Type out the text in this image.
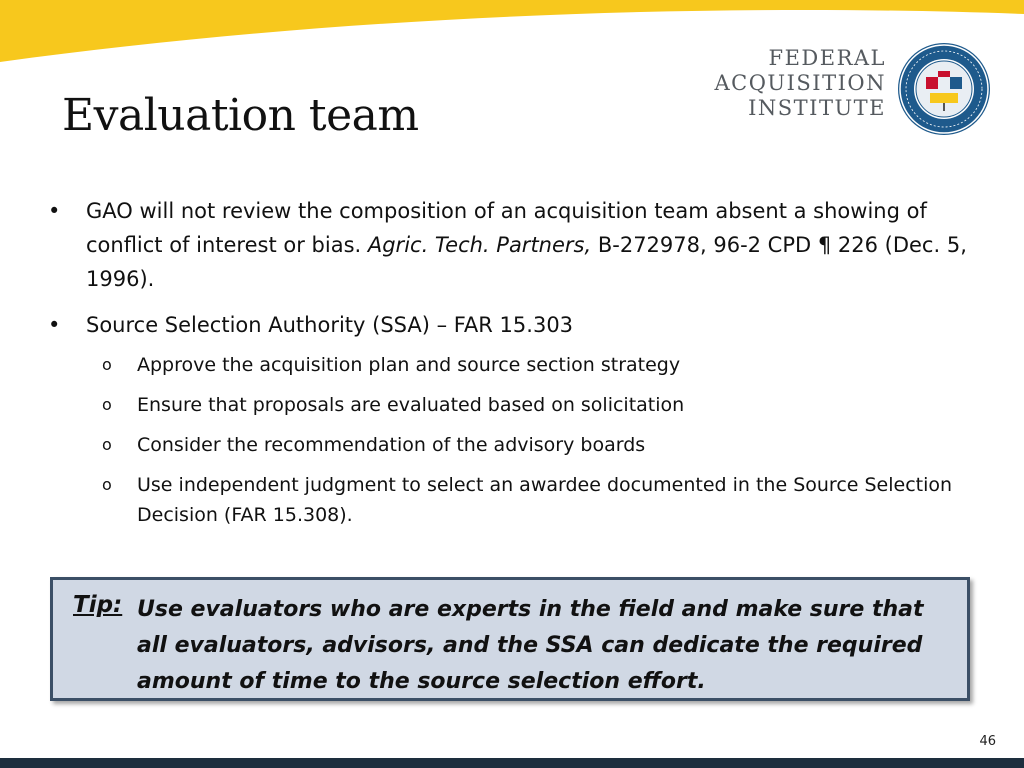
Evaluation team
FEDERAL
ACQUISITION
INSTITUTE
• GAO will not review the composition of an acquisition team absent a showing of conflict of interest or bias. Agric. Tech. Partners, B-272978, 96-2 CPD ¶ 226 (Dec. 5, 1996).
• Source Selection Authority (SSA) – FAR 15.303
o Approve the acquisition plan and source section strategy
o Ensure that proposals are evaluated based on solicitation
o Consider the recommendation of the advisory boards
o Use independent judgment to select an awardee documented in the Source Selection Decision (FAR 15.308).
Tip: Use evaluators who are experts in the field and make sure that all evaluators, advisors, and the SSA can dedicate the required amount of time to the source selection effort.
46
